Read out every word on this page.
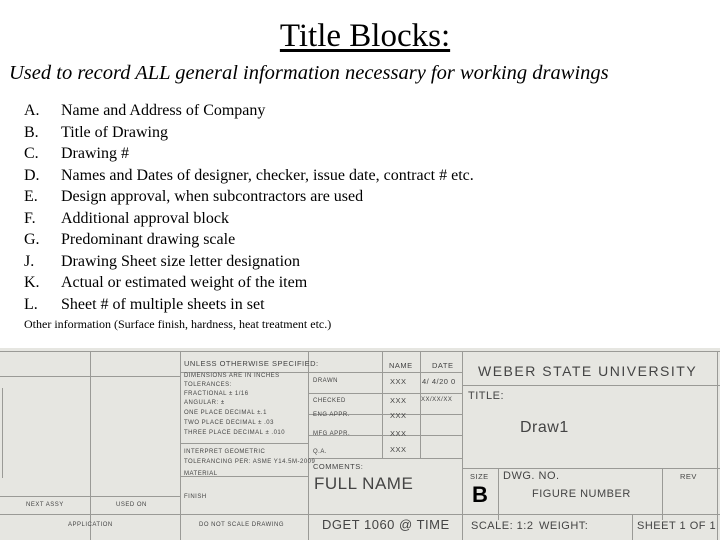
Title Blocks:
Used to record ALL general information necessary for working drawings
A. Name and Address of Company
B. Title of Drawing
C. Drawing #
D. Names and Dates of designer, checker, issue date, contract # etc.
E. Design approval, when subcontractors are used
F. Additional approval block
G. Predominant drawing scale
J. Drawing Sheet size letter designation
K. Actual or estimated weight of the item
L. Sheet # of multiple sheets in set
Other information (Surface finish, hardness, heat treatment etc.)
UNLESS OTHERWISE SPECIFIED:
DIMENSIONS ARE IN INCHES
TOLERANCES:
FRACTIONAL ± 1/16
ANGULAR: ±
ONE PLACE DECIMAL ±.1
TWO PLACE DECIMAL ± .03
THREE PLACE DECIMAL ± .010
INTERPRET GEOMETRIC
TOLERANCING PER: ASME Y14.5M-2009
MATERIAL
FINISH
NEXT ASSY	USED ON
APPLICATION	DO NOT SCALE DRAWING
NAME	DATE
DRAWN	XXX 4/ 4/20 0
CHECKED	XXX XX/XX/XX
ENG APPR.	XXX
MFG APPR.	XXX
Q.A.	XXX
COMMENTS:
FULL NAME
DGET 1060 @ TIME
WEBER STATE UNIVERSITY
TITLE:
Draw1
SIZE
B
DWG. NO.
FIGURE NUMBER
REV
SCALE: 1:2 WEIGHT:	SHEET 1 OF 1
